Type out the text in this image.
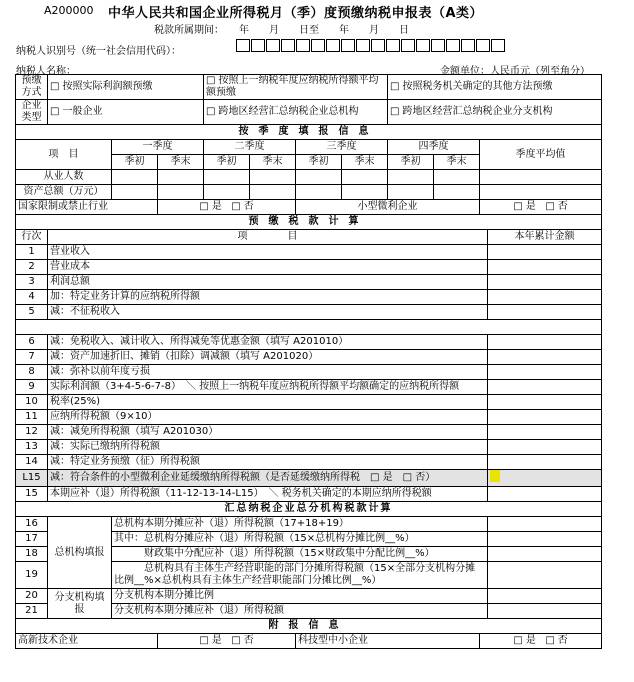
A200000 中华人民共和国企业所得税月（季）度预缴纳税申报表（A类）
税款所属期间：　　年　　月　　日至　　年　　月　　日
纳税人识别号（统一社会信用代码）：
纳税人名称：	金额单位：人民币元（列至角分）
预缴方式	□ 按照实际利润额预缴			□ 按照上一纳税年度应纳税所得额平均额预缴				□ 按照税务机关确定的其他方法预缴
企业类型	□ 一般企业			□ 跨地区经营汇总纳税企业总机构				□ 跨地区经营汇总纳税企业分支机构
按季度填报信息											
项　目		一季度		二季度		三季度		四季度		季度平均值	
		季初	季末	季初	季末	季初	季末	季初	季末		
从业人数											
资产总额（万元）											
国家限制或禁止行业			□ 是 □ 否			小型微利企业				□ 是 □ 否
预缴税款计算											
行次	项　　　　目										本年累计金额
1	营业收入										
2	营业成本										
3	利润总额										
4	加：特定业务计算的应纳税所得额										
5	减：不征税收入										

6	减：免税收入、减计收入、所得减免等优惠金额（填写 A201010）										
7	减：资产加速折旧、摊销（扣除）调减额（填写 A201020）										
8	减：弥补以前年度亏损										
9	实际利润额（3+4-5-6-7-8）　＼ 按照上一纳税年度应纳税所得额平均额确定的应纳税所得额										
10	税率(25%)										
11	应纳所得税额（9×10）										
12	减：减免所得税额（填写 A201030）										
13	减：实际已缴纳所得税额										
14	减：特定业务预缴（征）所得税额										
L15	减：符合条件的小型微利企业延缓缴纳所得税额（是否延缓缴纳所得税　□ 是　□ 否）										
15	本期应补（退）所得税额（11-12-13-14-L15）　＼ 税务机关确定的本期应纳所得税额										
汇总纳税企业总分机构税款计算											
16	总机构填报	总机构本期分摊应补（退）所得税额（17+18+19）									
17		其中：总机构分摊应补（退）所得税额（15×总机构分摊比例__%）									
18		　　　财政集中分配应补（退）所得税额（15×财政集中分配比例__%）									
19		　　　总机构具有主体生产经营职能的部门分摊所得税额（15×全部分支机构分摊比例__%×总机构具有主体生产经营职能部门分摊比例__%）									
20	分支机构填报	分支机构本期分摊比例									
21		分支机构本期分摊应补（退）所得税额									
附报信息											
高新技术企业			□ 是 □ 否			科技型中小企业				□ 是 □ 否
